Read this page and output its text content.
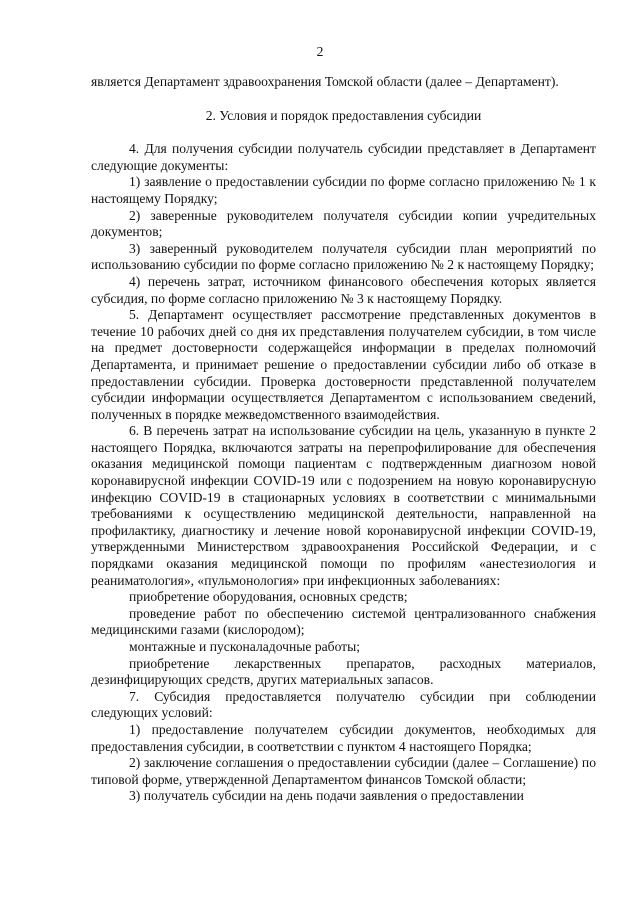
2

является Департамент здравоохранения Томской области (далее – Департамент).

2. Условия и порядок предоставления субсидии

4. Для получения субсидии получатель субсидии представляет в Департамент следующие документы:

1) заявление о предоставлении субсидии по форме согласно приложению № 1 к настоящему Порядку;

2) заверенные руководителем получателя субсидии копии учредительных документов;

3) заверенный руководителем получателя субсидии план мероприятий по использованию субсидии по форме согласно приложению № 2 к настоящему Порядку;

4) перечень затрат, источником финансового обеспечения которых является субсидия, по форме согласно приложению № 3 к настоящему Порядку.

5. Департамент осуществляет рассмотрение представленных документов в течение 10 рабочих дней со дня их представления получателем субсидии, в том числе на предмет достоверности содержащейся информации в пределах полномочий Департамента, и принимает решение о предоставлении субсидии либо об отказе в предоставлении субсидии. Проверка достоверности представленной получателем субсидии информации осуществляется Департаментом с использованием сведений, полученных в порядке межведомственного взаимодействия.

6. В перечень затрат на использование субсидии на цель, указанную в пункте 2 настоящего Порядка, включаются затраты на перепрофилирование для обеспечения оказания медицинской помощи пациентам с подтвержденным диагнозом новой коронавирусной инфекции COVID-19 или с подозрением на новую коронавирусную инфекцию COVID-19 в стационарных условиях в соответствии с минимальными требованиями к осуществлению медицинской деятельности, направленной на профилактику, диагностику и лечение новой коронавирусной инфекции COVID-19, утвержденными Министерством здравоохранения Российской Федерации, и с порядками оказания медицинской помощи по профилям «анестезиология и реаниматология», «пульмонология» при инфекционных заболеваниях:

приобретение оборудования, основных средств;

проведение работ по обеспечению системой централизованного снабжения медицинскими газами (кислородом);

монтажные и пусконаладочные работы;

приобретение лекарственных препаратов, расходных материалов, дезинфицирующих средств, других материальных запасов.

7. Субсидия предоставляется получателю субсидии при соблюдении следующих условий:

1) предоставление получателем субсидии документов, необходимых для предоставления субсидии, в соответствии с пунктом 4 настоящего Порядка;

2) заключение соглашения о предоставлении субсидии (далее – Соглашение) по типовой форме, утвержденной Департаментом финансов Томской области;

3) получатель субсидии на день подачи заявления о предоставлении
